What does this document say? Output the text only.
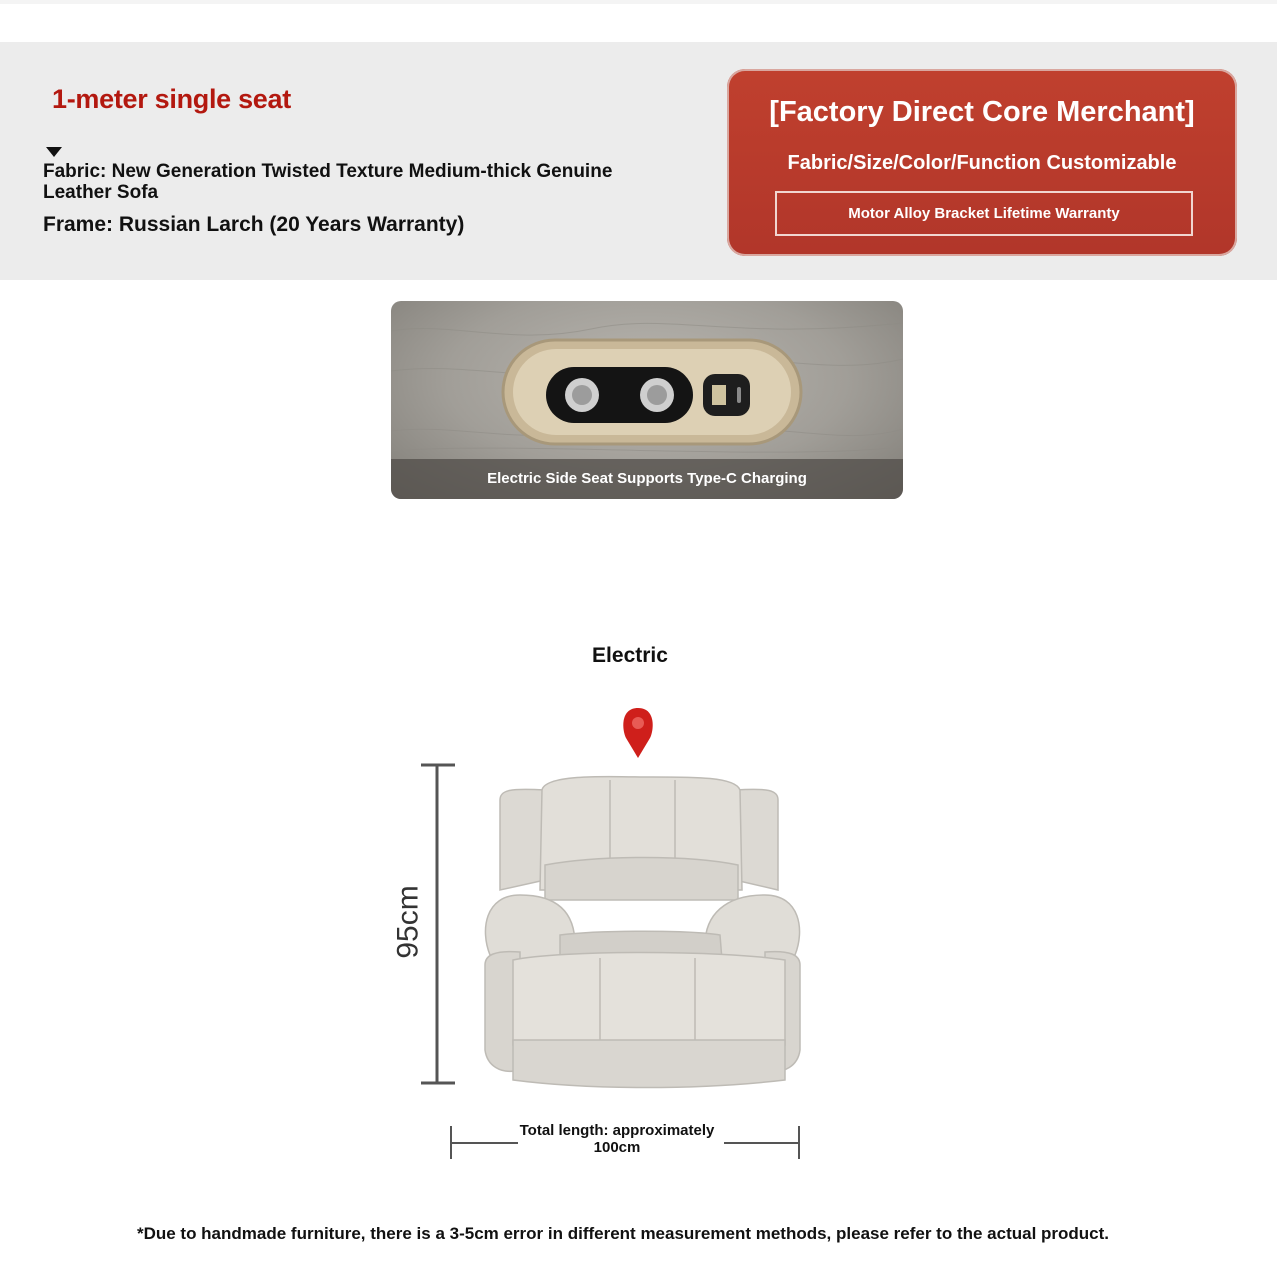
1-meter single seat
Fabric: New Generation Twisted Texture Medium-thick Genuine Leather Sofa
Frame: Russian Larch (20 Years Warranty)
[Factory Direct Core Merchant]
Fabric/Size/Color/Function Customizable
Motor Alloy Bracket Lifetime Warranty
Electric Side Seat Supports Type-C Charging
Electric
95cm
Total length: approximately 100cm
*Due to handmade furniture, there is a 3-5cm error in different measurement methods, please refer to the actual product.
